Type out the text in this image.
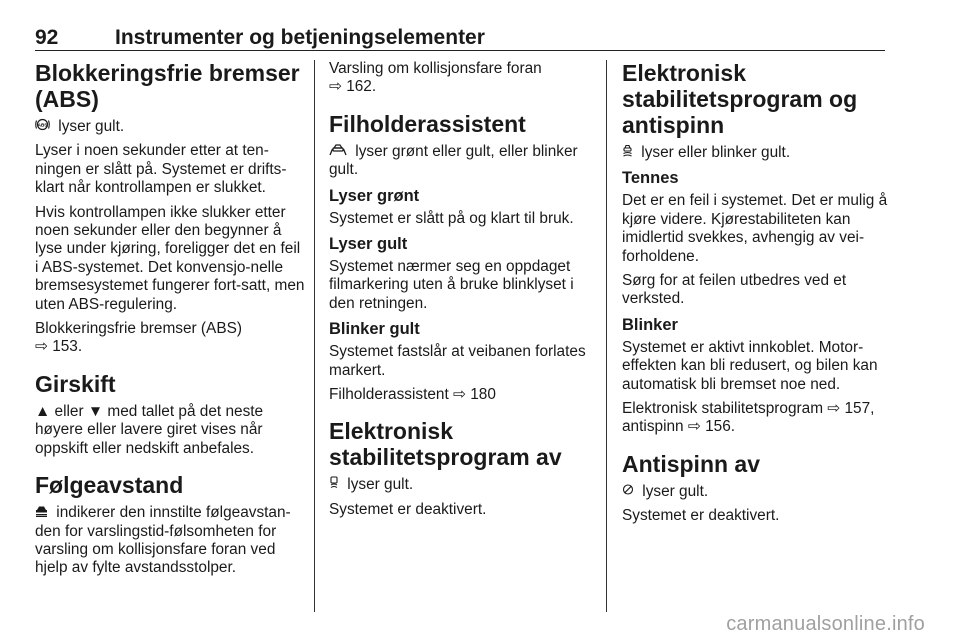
92	Instrumenter og betjeningselementer
Blokkeringsfrie bremser
(ABS)

ABS lyser gult.

Lyser i noen sekunder etter at ten-ningen er slått på. Systemet er drifts-klart når kontrollampen er slukket.

Hvis kontrollampen ikke slukker etter noen sekunder eller den begynner å lyse under kjøring, foreligger det en feil i ABS-systemet. Det konvensjo-nelle bremsesystemet fungerer fort-satt, men uten ABS-regulering.

Blokkeringsfrie bremser (ABS)
⇨ 153.

Girskift

▲ eller ▼ med tallet på det neste høyere eller lavere giret vises når oppskift eller nedskift anbefales.

Følgeavstand

indikerer den innstilte følgeavstan-den for varslingstid-følsomheten for varsling om kollisjonsfare foran ved hjelp av fylte avstandsstolper.

Varsling om kollisjonsfare foran
⇨ 162.

Filholderassistent

lyser grønt eller gult, eller blinker gult.

Lyser grønt

Systemet er slått på og klart til bruk.

Lyser gult

Systemet nærmer seg en oppdaget filmarkering uten å bruke blinklyset i den retningen.

Blinker gult

Systemet fastslår at veibanen forlates markert.

Filholderassistent ⇨ 180

Elektronisk
stabilitetsprogram av

lyser gult.

Systemet er deaktivert.

Elektronisk
stabilitetsprogram og
antispinn

lyser eller blinker gult.

Tennes

Det er en feil i systemet. Det er mulig å kjøre videre. Kjørestabiliteten kan imidlertid svekkes, avhengig av vei-forholdene.

Sørg for at feilen utbedres ved et verksted.

Blinker

Systemet er aktivt innkoblet. Motor-effekten kan bli redusert, og bilen kan automatisk bli bremset noe ned.

Elektronisk stabilitetsprogram ⇨ 157,
antispinn ⇨ 156.

Antispinn av

lyser gult.

Systemet er deaktivert.

carmanualsonline.info
